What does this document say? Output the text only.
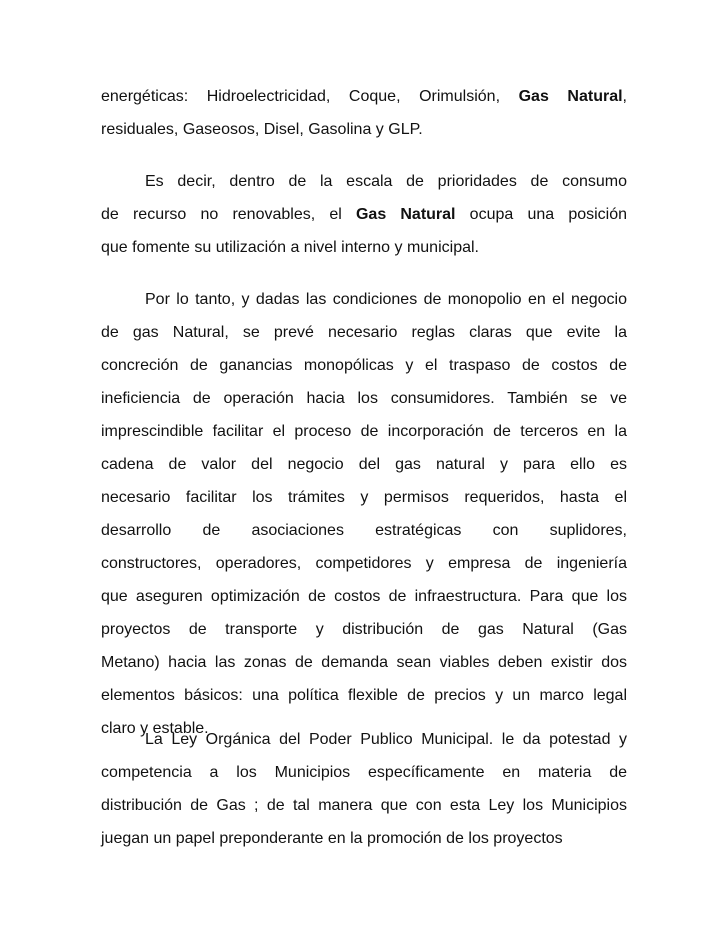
energéticas: Hidroelectricidad, Coque, Orimulsión, Gas Natural,
residuales, Gaseosos, Disel, Gasolina y GLP.
Es decir, dentro de la escala de prioridades de consumo
de recurso no renovables, el Gas Natural ocupa una posición
que fomente su utilización a nivel interno y municipal.
Por lo tanto, y dadas las condiciones de monopolio en el negocio
de gas Natural, se prevé necesario reglas claras que evite la
concreción de ganancias monopólicas y el traspaso de costos de
ineficiencia de operación hacia los consumidores. También se ve
imprescindible facilitar el proceso de incorporación de terceros en la
cadena de valor del negocio del gas natural y para ello es
necesario facilitar los trámites y permisos requeridos, hasta el
desarrollo de asociaciones estratégicas con suplidores,
constructores, operadores, competidores y empresa de ingeniería
que aseguren optimización de costos de infraestructura. Para que los
proyectos de transporte y distribución de gas Natural (Gas
Metano) hacia las zonas de demanda sean viables deben existir dos
elementos básicos: una política flexible de precios y un marco legal
claro y estable.
La Ley Orgánica del Poder Publico Municipal. le da potestad y
competencia a los Municipios específicamente en materia de
distribución de Gas ; de tal manera que con esta Ley los Municipios
juegan un papel preponderante en la promoción de los proyectos
